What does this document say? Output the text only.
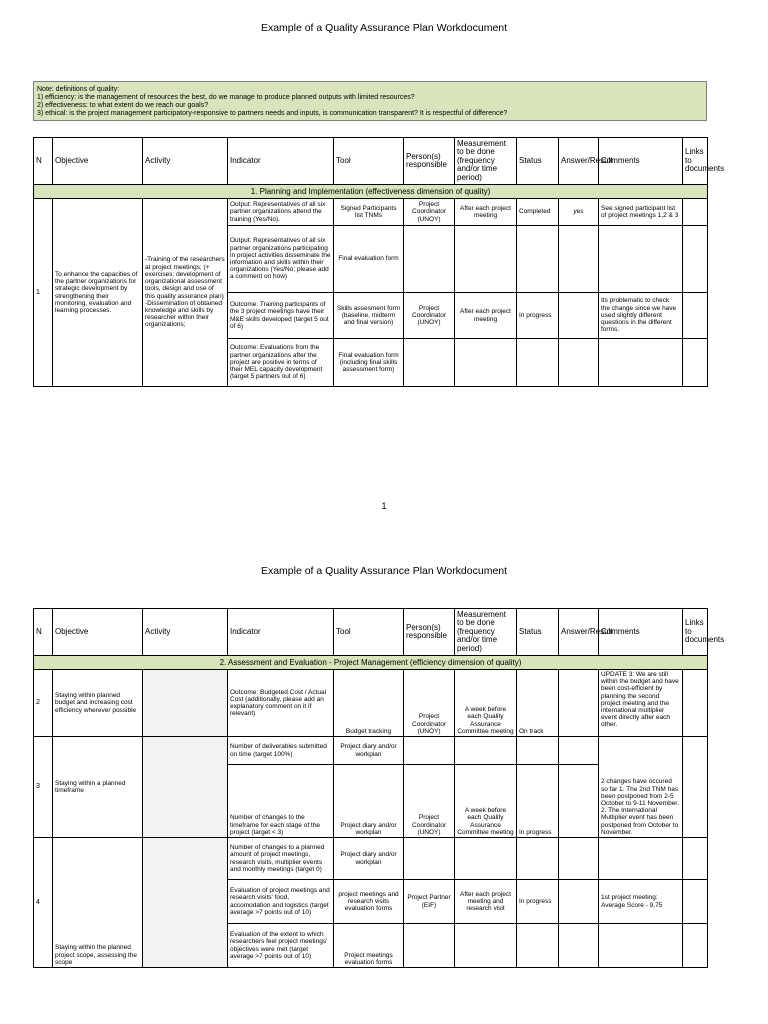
Example of a Quality Assurance Plan Workdocument
Note: definitions of quality:
1) efficiency: is the management of resources the best, do we manage to produce planned outputs with limited resources?
2) effectiveness: to what extent do we reach our goals?
3) ethical: is the project management participatory-responsive to partners needs and inputs, is communication transparent? It is respectful of difference?
N	Objective	Activity	Indicator	Tool	Person(s) responsible	Measurement to be done (frequency and/or time period)	Status	Answer/Result	Comments	Links to documents
1. Planning and Implementation (effectiveness dimension of quality)										
1	To enhance the capacities of the partner organizations for strategic development by strengthening their monitoring, evaluation and learning processes.	-Training of the researchers at project meetings; (+ exercises: development of organizational assessment tools, design and use of this quality assurance plan) -Dissemination of obtained knowledge and skills by researcher within their organizations;	Output: Representatives of all six partner organizations attend the training (Yes/No).	Signed Participants list TNMs	Project Coordinator (UNOY)	After each project meeting	Completed	yes	See signed participant list of project meetings 1,2 & 3	
			Output: Representatives of all six partner organizations participating in project activities disseminate the information and skills within their organizations (Yes/No; please add a comment on how)	Final evaluation form						
			Outcome: Training participants of the 3 project meetings have their M&E skills developed (target 5 out of 6)	Skills assesment form (baseline, midterm and final version)	Project Coordinator (UNOY)	After each project meeting	In progress		Its problematic to check the change since we have used slightly different questions in the different forms.	
			Outcome: Evaluations from the partner organizations after the project are positive in terms of their MEL capacity development (target 5 partners out of 6)	Final evaluation form (including final skills assessment form)						
1
Example of a Quality Assurance Plan Workdocument
N	Objective	Activity	Indicator	Tool	Person(s) responsible	Measurement to be done (frequency and/or time period)	Status	Answer/Result	Comments	Links to documents
2. Assessment and Evaluation - Project Management (efficiency dimension of quality)										
2	Staying within planned budget and increasing cost efficiency wherever possible		Outcome: Budgeted Cost / Actual Cost (additionally, please add an explanatory comment on it if relevant)	Budget tracking	Project Coordinator (UNOY)	A week before each Quality Assurance Committee meeting	On track		UPDATE 3: We are still within the budget and have been cost-efficient by planning the second project meeting and the international multiplier event directly after each other.	
3	Staying within a planned timeframe		Number of deliverables submitted on time (target 100%)	Project diary and/or workplan					2 changes have occured so far 1. The 2nd TNM has been postponed from 2-5 October to 9-11 November. 2. The International Mutliplier event has been postponed from October to November.	
			Number of changes to the timeframe for each stage of the project (target < 3)	Project diary and/or workplan	Project Coordinator (UNOY)	A week before each Quality Assurance Committee meeting	In progress			
4	Staying within the planned project scope, assessing the scope		Number of changes to a planned amount of project meetings, research visits, multiplier events and monthly meetings (target 0)	Project diary and/or workplan						
			Evaluation of project meetings and research visits' food, accomodation and logistics (target average >7 points out of 10)	project meetings and research visits evaluation forms	Project Partner (EIF)	After each project meeting and research visit	In progress		1st project meeting: Average Score - 9,75	
			Evaluation of the extent to which researchers feel project meetings' objectives were met (target average >7 points out of 10)	Project meetings evaluation forms						
